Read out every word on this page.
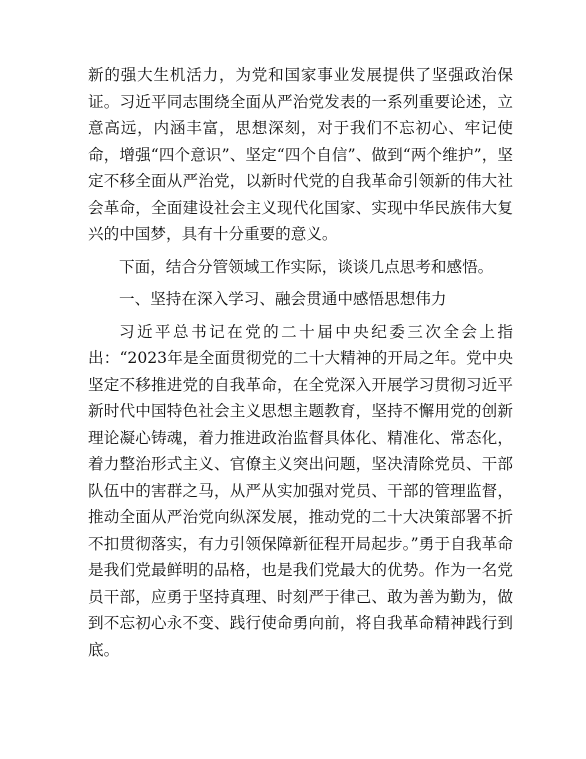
新的强大生机活力，为党和国家事业发展提供了坚强政治保证。习近平同志围绕全面从严治党发表的一系列重要论述，立意高远，内涵丰富，思想深刻，对于我们不忘初心、牢记使命，增强“四个意识”、坚定“四个自信”、做到“两个维护”，坚定不移全面从严治党，以新时代党的自我革命引领新的伟大社会革命，全面建设社会主义现代化国家、实现中华民族伟大复兴的中国梦，具有十分重要的意义。

下面，结合分管领域工作实际，谈谈几点思考和感悟。

一、坚持在深入学习、融会贯通中感悟思想伟力

习近平总书记在党的二十届中央纪委三次全会上指出：“2023年是全面贯彻党的二十大精神的开局之年。党中央坚定不移推进党的自我革命，在全党深入开展学习贯彻习近平新时代中国特色社会主义思想主题教育，坚持不懈用党的创新理论凝心铸魂，着力推进政治监督具体化、精准化、常态化，着力整治形式主义、官僚主义突出问题，坚决清除党员、干部队伍中的害群之马，从严从实加强对党员、干部的管理监督，推动全面从严治党向纵深发展，推动党的二十大决策部署不折不扣贯彻落实，有力引领保障新征程开局起步。”勇于自我革命是我们党最鲜明的品格，也是我们党最大的优势。作为一名党员干部，应勇于坚持真理、时刻严于律己、敢为善为勤为，做到不忘初心永不变、践行使命勇向前，将自我革命精神践行到底。
